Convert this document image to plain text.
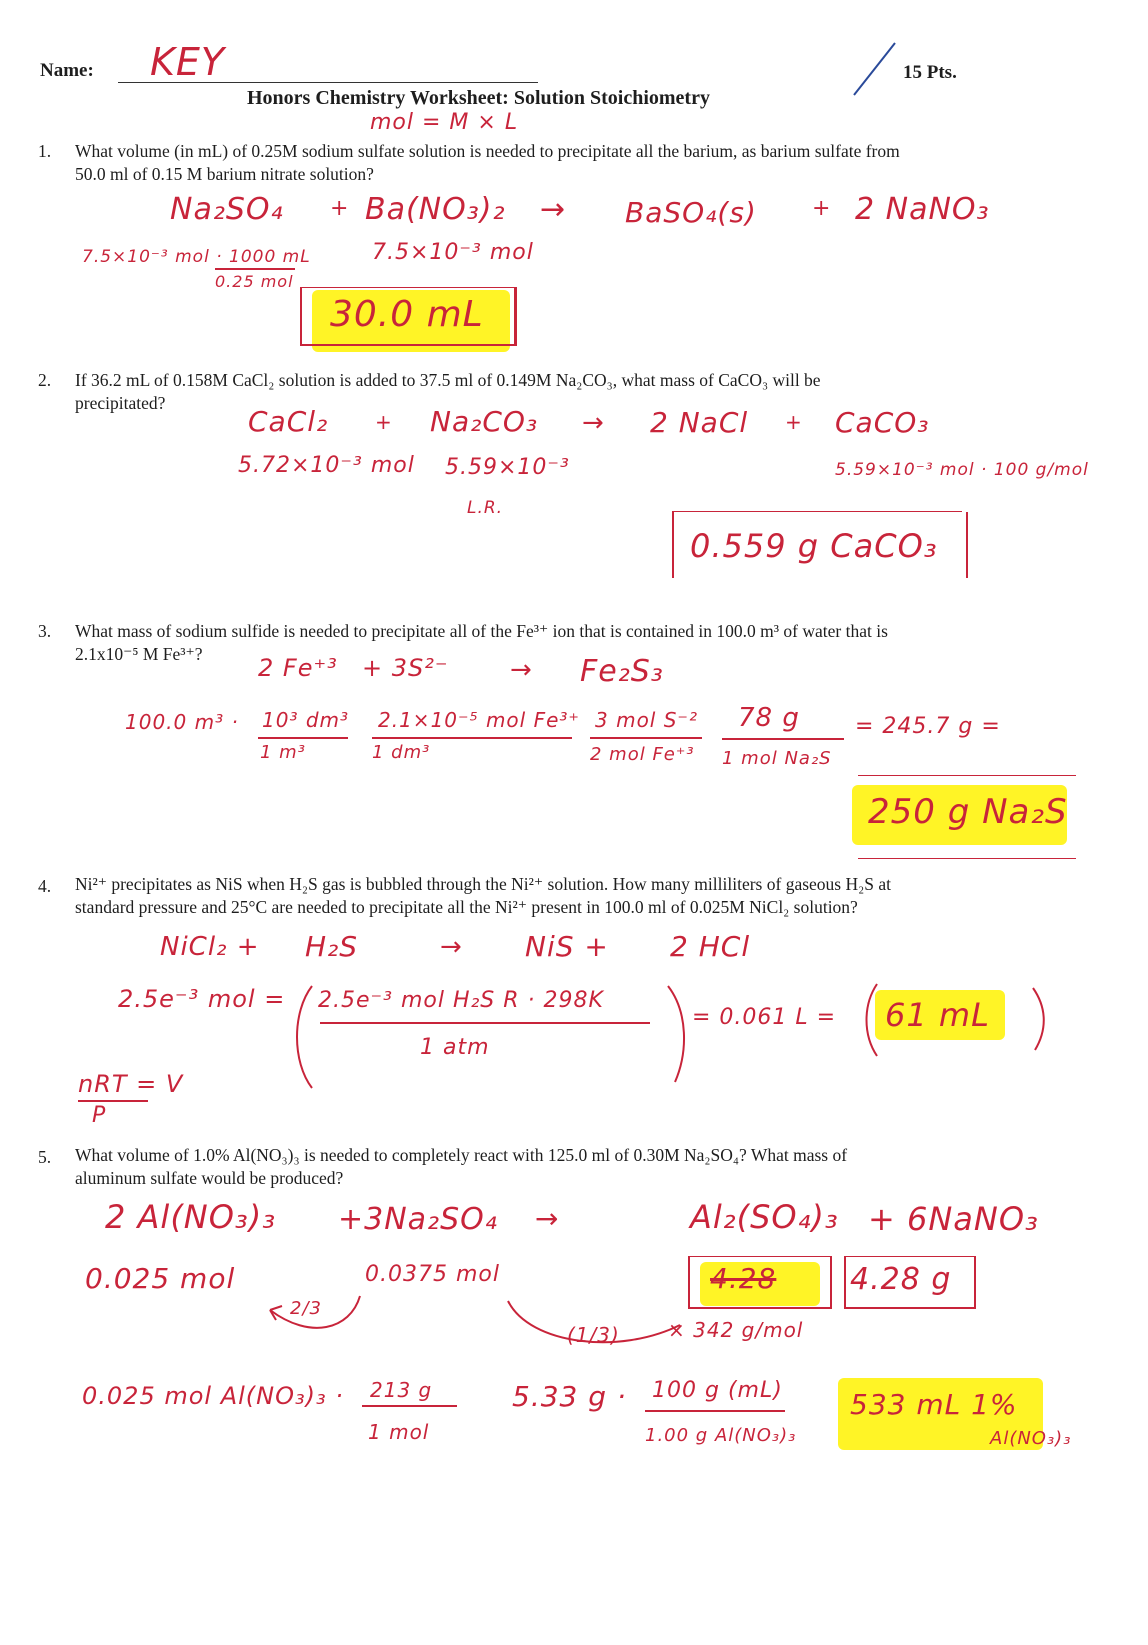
Name: KEY	15 Pts.
Honors Chemistry Worksheet: Solution Stoichiometry
mol = M × L
1. What volume (in mL) of 0.25M sodium sulfate solution is needed to precipitate all the barium, as barium sulfate from
50.0 ml of 0.15 M barium nitrate solution?
Na₂SO₄ + Ba(NO₃)₂ → BaSO₄(s)	+ 2 NaNO₃
7.5×10⁻³ mol · 1000 mL
0.25 mol
7.5×10⁻³ mol
30.0 mL
2. If 36.2 mL of 0.158M CaCl₂ solution is added to 37.5 ml of 0.149M Na₂CO₃, what mass of CaCO₃ will be
precipitated?
CaCl₂ + Na₂CO₃ → 2 NaCl + CaCO₃
5.72×10⁻³ mol 5.59×10⁻³
L.R.
5.59×10⁻³ mol · 100 g/mol
0.559 g CaCO₃
3. What mass of sodium sulfide is needed to precipitate all of the Fe³⁺ ion that is contained in 100.0 m³ of water that is
2.1x10⁻⁵ M Fe³⁺? 2 Fe⁺³ + 3S²⁻ → Fe₂S₃
100.0 m³ · 10³ dm³
1 m³
2.1×10⁻⁵ mol Fe³⁺
1 dm³
3 mol S⁻²
2 mol Fe⁺³
78 g
1 mol Na₂S
= 245.7 g =
250 g Na₂S
4. Ni²⁺ precipitates as NiS when H₂S gas is bubbled through the Ni²⁺ solution. How many milliliters of gaseous H₂S at
standard pressure and 25°C are needed to precipitate all the Ni²⁺ present in 100.0 ml of 0.025M NiCl₂ solution?
NiCl₂ + H₂S	→ NiS + 2 HCl
2.5e⁻³ mol = 2.5e⁻³ mol H₂S R · 298K
1 atm
= 0.061 L = 61 mL
nRT = V
P
5. What volume of 1.0% Al(NO₃)₃ is needed to completely react with 125.0 ml of 0.30M Na₂SO₄? What mass of
aluminum sulfate would be produced?
2 Al(NO₃)₃ +3Na₂SO₄ →	Al₂(SO₄)₃ + 6NaNO₃
0.025 mol	0.0375 mol
2/3
(1/3) × 342 g/mol
4.28 4.28 g
0.025 mol Al(NO₃)₃ · 213 g
1 mol
5.33 g · 100 g (mL)
1.00 g Al(NO₃)₃
533 mL 1%
Al(NO₃)₃
